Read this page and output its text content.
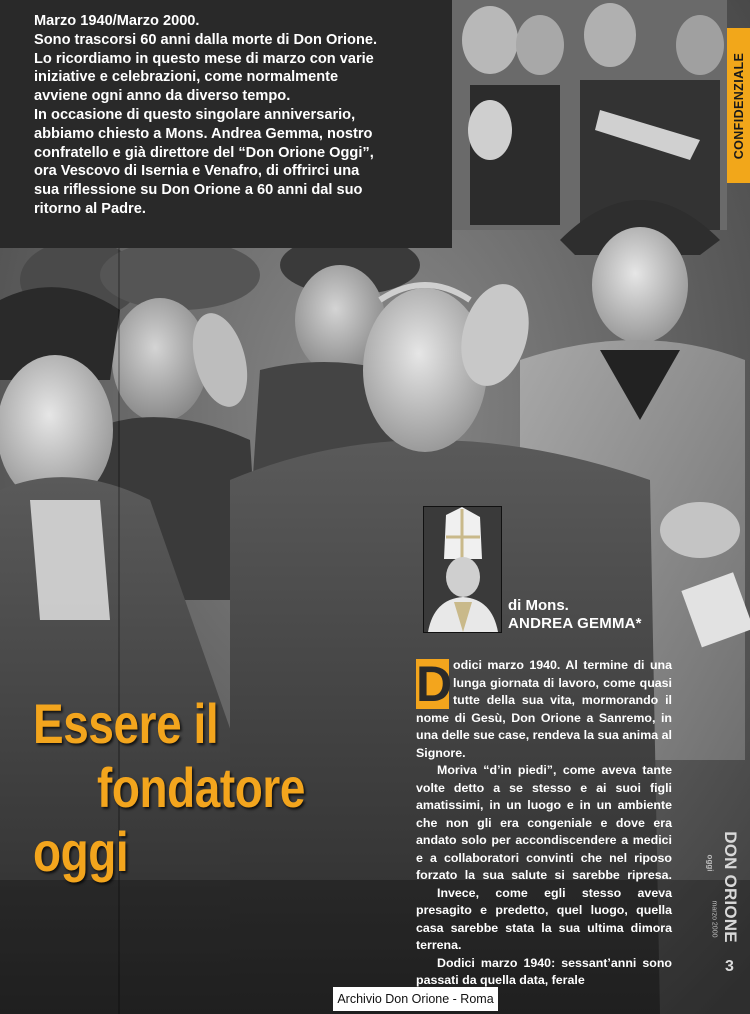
Marzo 1940/Marzo 2000.

Sono trascorsi 60 anni dalla morte di Don Orione.

Lo ricordiamo in questo mese di marzo con varie

iniziative e celebrazioni, come normalmente

avviene ogni anno da diverso tempo.

In occasione di questo singolare anniversario,

abbiamo chiesto a Mons. Andrea Gemma, nostro

confratello e già direttore del “Don Orione Oggi”,

ora Vescovo di Isernia e Venafro, di offrirci una

sua riflessione su Don Orione a 60 anni dal suo

ritorno al Padre.

CONFIDENZIALE
di Mons.
ANDREA GEMMA*
Essere il
fondatore
oggi

D odici marzo 1940. Al termine di una lunga giornata di lavoro, come quasi tutte della sua vita, mormorando il nome di Gesù, Don Orione a Sanremo, in una delle sue case, rendeva la sua anima al Signore.

Moriva “d’in piedi”, come aveva tante volte detto a se stesso e ai suoi figli amatissimi, in un luogo e in un ambiente che non gli era congeniale e dove era andato solo per accondiscendere a medici e a collaboratori convinti che nel riposo forzato la sua salute si sarebbe ripresa.

Invece, come egli stesso aveva presagito e predetto, quel luogo, quella casa sarebbe stata la sua ultima dimora terrena.

Dodici marzo 1940: sessant’anni sono passati da quella data, ferale

oggi DON ORIONE
marzo 2000
3
Archivio Don Orione - Roma
